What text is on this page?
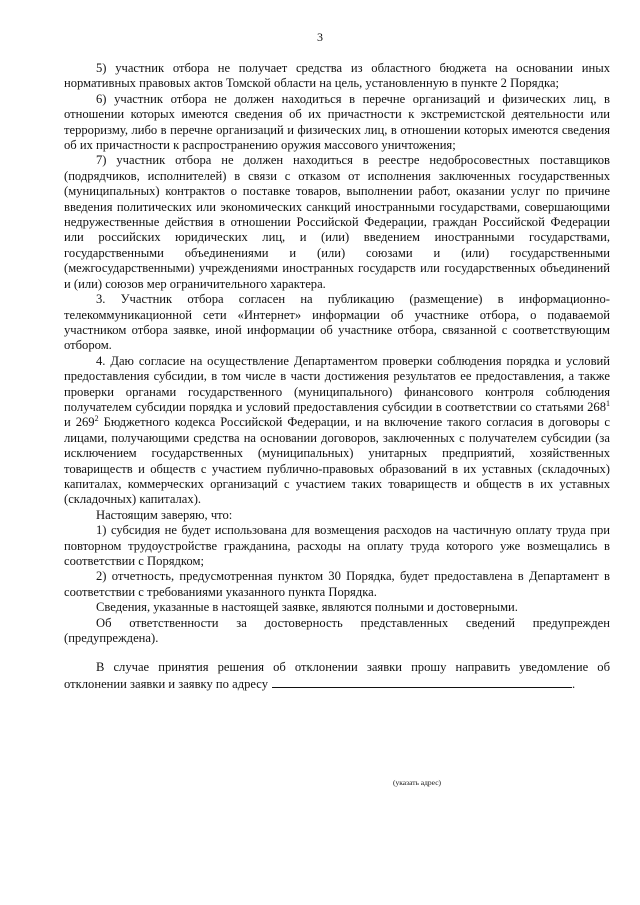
3

5) участник отбора не получает средства из областного бюджета на основании иных нормативных правовых актов Томской области на цель, установленную в пункте 2 Порядка;

6) участник отбора не должен находиться в перечне организаций и физических лиц, в отношении которых имеются сведения об их причастности к экстремистской деятельности или терроризму, либо в перечне организаций и физических лиц, в отношении которых имеются сведения об их причастности к распространению оружия массового уничтожения;

7) участник отбора не должен находиться в реестре недобросовестных поставщиков (подрядчиков, исполнителей) в связи с отказом от исполнения заключенных государственных (муниципальных) контрактов о поставке товаров, выполнении работ, оказании услуг по причине введения политических или экономических санкций иностранными государствами, совершающими недружественные действия в отношении Российской Федерации, граждан Российской Федерации или российских юридических лиц, и (или) введением иностранными государствами, государственными объединениями и (или) союзами и (или) государственными (межгосударственными) учреждениями иностранных государств или государственных объединений и (или) союзов мер ограничительного характера.

3. Участник отбора согласен на публикацию (размещение) в информационно-телекоммуникационной сети «Интернет» информации об участнике отбора, о подаваемой участником отбора заявке, иной информации об участнике отбора, связанной с соответствующим отбором.

4. Даю согласие на осуществление Департаментом проверки соблюдения порядка и условий предоставления субсидии, в том числе в части достижения результатов ее предоставления, а также проверки органами государственного (муниципального) финансового контроля соблюдения получателем субсидии порядка и условий предоставления субсидии в соответствии со статьями $268^1$ и $269^2$ Бюджетного кодекса Российской Федерации, и на включение такого согласия в договоры с лицами, получающими средства на основании договоров, заключенных с получателем субсидии (за исключением государственных (муниципальных) унитарных предприятий, хозяйственных товариществ и обществ с участием публично-правовых образований в их уставных (складочных) капиталах, коммерческих организаций с участием таких товариществ и обществ в их уставных (складочных) капиталах).

Настоящим заверяю, что:

1) субсидия не будет использована для возмещения расходов на частичную оплату труда при повторном трудоустройстве гражданина, расходы на оплату труда которого уже возмещались в соответствии с Порядком;

2) отчетность, предусмотренная пунктом 30 Порядка, будет предоставлена в Департамент в соответствии с требованиями указанного пункта Порядка.

Сведения, указанные в настоящей заявке, являются полными и достоверными.

Об ответственности за достоверность представленных сведений предупрежден (предупреждена).

В случае принятия решения об отклонении заявки прошу направить уведомление об отклонении заявки и заявку по адресу	.

(указать адрес)
